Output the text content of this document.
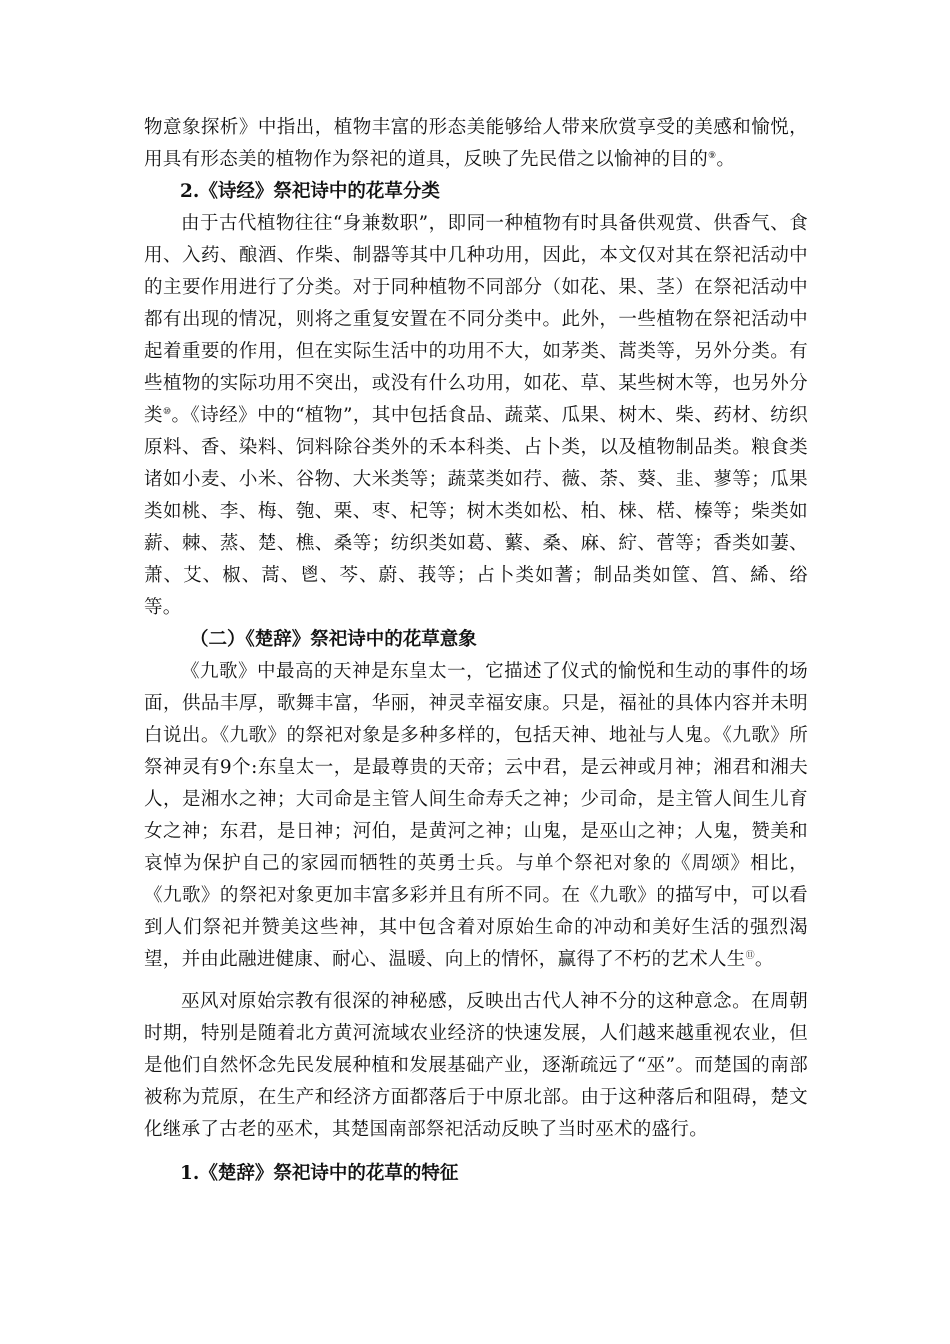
物意象探析》中指出，植物丰富的形态美能够给人带来欣赏享受的美感和愉悦，用具有形态美的植物作为祭祀的道具，反映了先民借之以愉神的目的⑨。

2.《诗经》祭祀诗中的花草分类

由于古代植物往往“身兼数职”，即同一种植物有时具备供观赏、供香气、食用、入药、酿酒、作柴、制器等其中几种功用，因此，本文仅对其在祭祀活动中的主要作用进行了分类。对于同种植物不同部分（如花、果、茎）在祭祀活动中都有出现的情况，则将之重复安置在不同分类中。此外，一些植物在祭祀活动中起着重要的作用，但在实际生活中的功用不大，如茅类、蒿类等，另外分类。有些植物的实际功用不突出，或没有什么功用，如花、草、某些树木等，也另外分类⑩。《诗经》中的“植物”，其中包括食品、蔬菜、瓜果、树木、柴、药材、纺织原料、香、染料、饲料除谷类外的禾本科类、占卜类，以及植物制品类。粮食类诸如小麦、小米、谷物、大米类等；蔬菜类如荇、薇、荼、葵、韭、蓼等；瓜果类如桃、李、梅、匏、栗、枣、杞等；树木类如松、柏、梾、楛、榛等；柴类如薪、棘、蒸、楚、樵、桑等；纺织类如葛、蘩、桑、麻、紵、菅等；香类如萋、萧、艾、椒、蒿、鬯、芩、蔚、莪等；占卜类如蓍；制品类如筐、筥、絺、绤等。

（二）《楚辞》祭祀诗中的花草意象

《九歌》中最高的天神是东皇太一，它描述了仪式的愉悦和生动的事件的场面，供品丰厚，歌舞丰富，华丽，神灵幸福安康。只是，福祉的具体内容并未明白说出。《九歌》的祭祀对象是多种多样的，包括天神、地祉与人鬼。《九歌》所祭神灵有9个:东皇太一，是最尊贵的天帝；云中君，是云神或月神；湘君和湘夫人，是湘水之神；大司命是主管人间生命寿夭之神；少司命，是主管人间生儿育女之神；东君，是日神；河伯，是黄河之神；山鬼，是巫山之神；人鬼，赞美和哀悼为保护自己的家园而牺牲的英勇士兵。与单个祭祀对象的《周颂》相比，《九歌》的祭祀对象更加丰富多彩并且有所不同。在《九歌》的描写中，可以看到人们祭祀并赞美这些神，其中包含着对原始生命的冲动和美好生活的强烈渴望，并由此融进健康、耐心、温暖、向上的情怀，赢得了不朽的艺术人生⑪。

巫风对原始宗教有很深的神秘感，反映出古代人神不分的这种意念。在周朝时期，特别是随着北方黄河流域农业经济的快速发展，人们越来越重视农业，但是他们自然怀念先民发展种植和发展基础产业，逐渐疏远了“巫”。而楚国的南部被称为荒原，在生产和经济方面都落后于中原北部。由于这种落后和阻碍，楚文化继承了古老的巫术，其楚国南部祭祀活动反映了当时巫术的盛行。

1.《楚辞》祭祀诗中的花草的特征
